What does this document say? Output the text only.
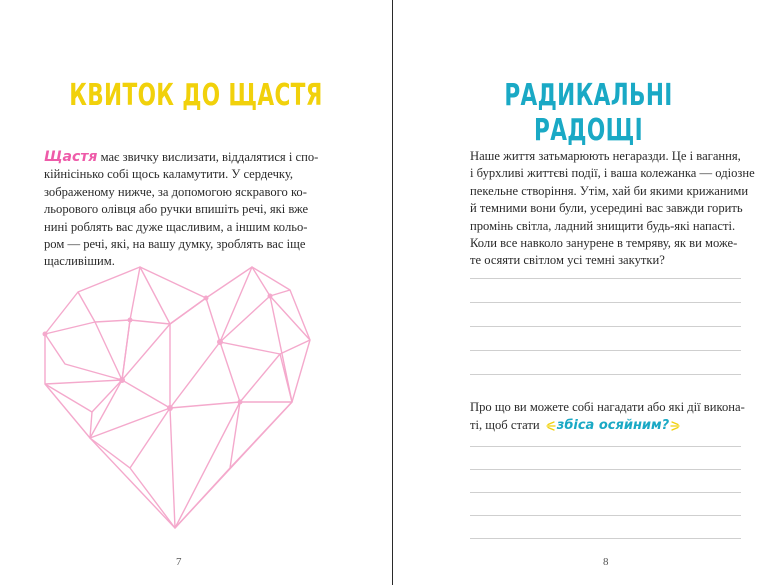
КВИТОК ДО ЩАСТЯ

Щастя має звичку вислизати, віддалятися і спо-
кійнісінько собі щось каламутити. У сердечку,
зображеному нижче, за допомогою яскравого ко-
льорового олівця або ручки впишіть речі, які вже
нині роблять вас дуже щасливим, а іншим кольо-
ром — речі, які, на вашу думку, зроблять вас іще
щасливішим.

7
РАДИКАЛЬНІ РАДОЩІ

Наше життя затьмарюють негаразди. Це і вагання,
і бурхливі життєві події, і ваша колежанка — одіозне
пекельне створіння. Утім, хай би якими крижаними
й темними вони були, усередині вас завжди горить
промінь світла, ладний знищити будь-які напасті.
Коли все навколо занурене в темряву, як ви може-
те осяяти світлом усі темні закутки?

Про що ви можете собі нагадати або які дії викона-
ті, щоб стати збіса осяйним?
8
